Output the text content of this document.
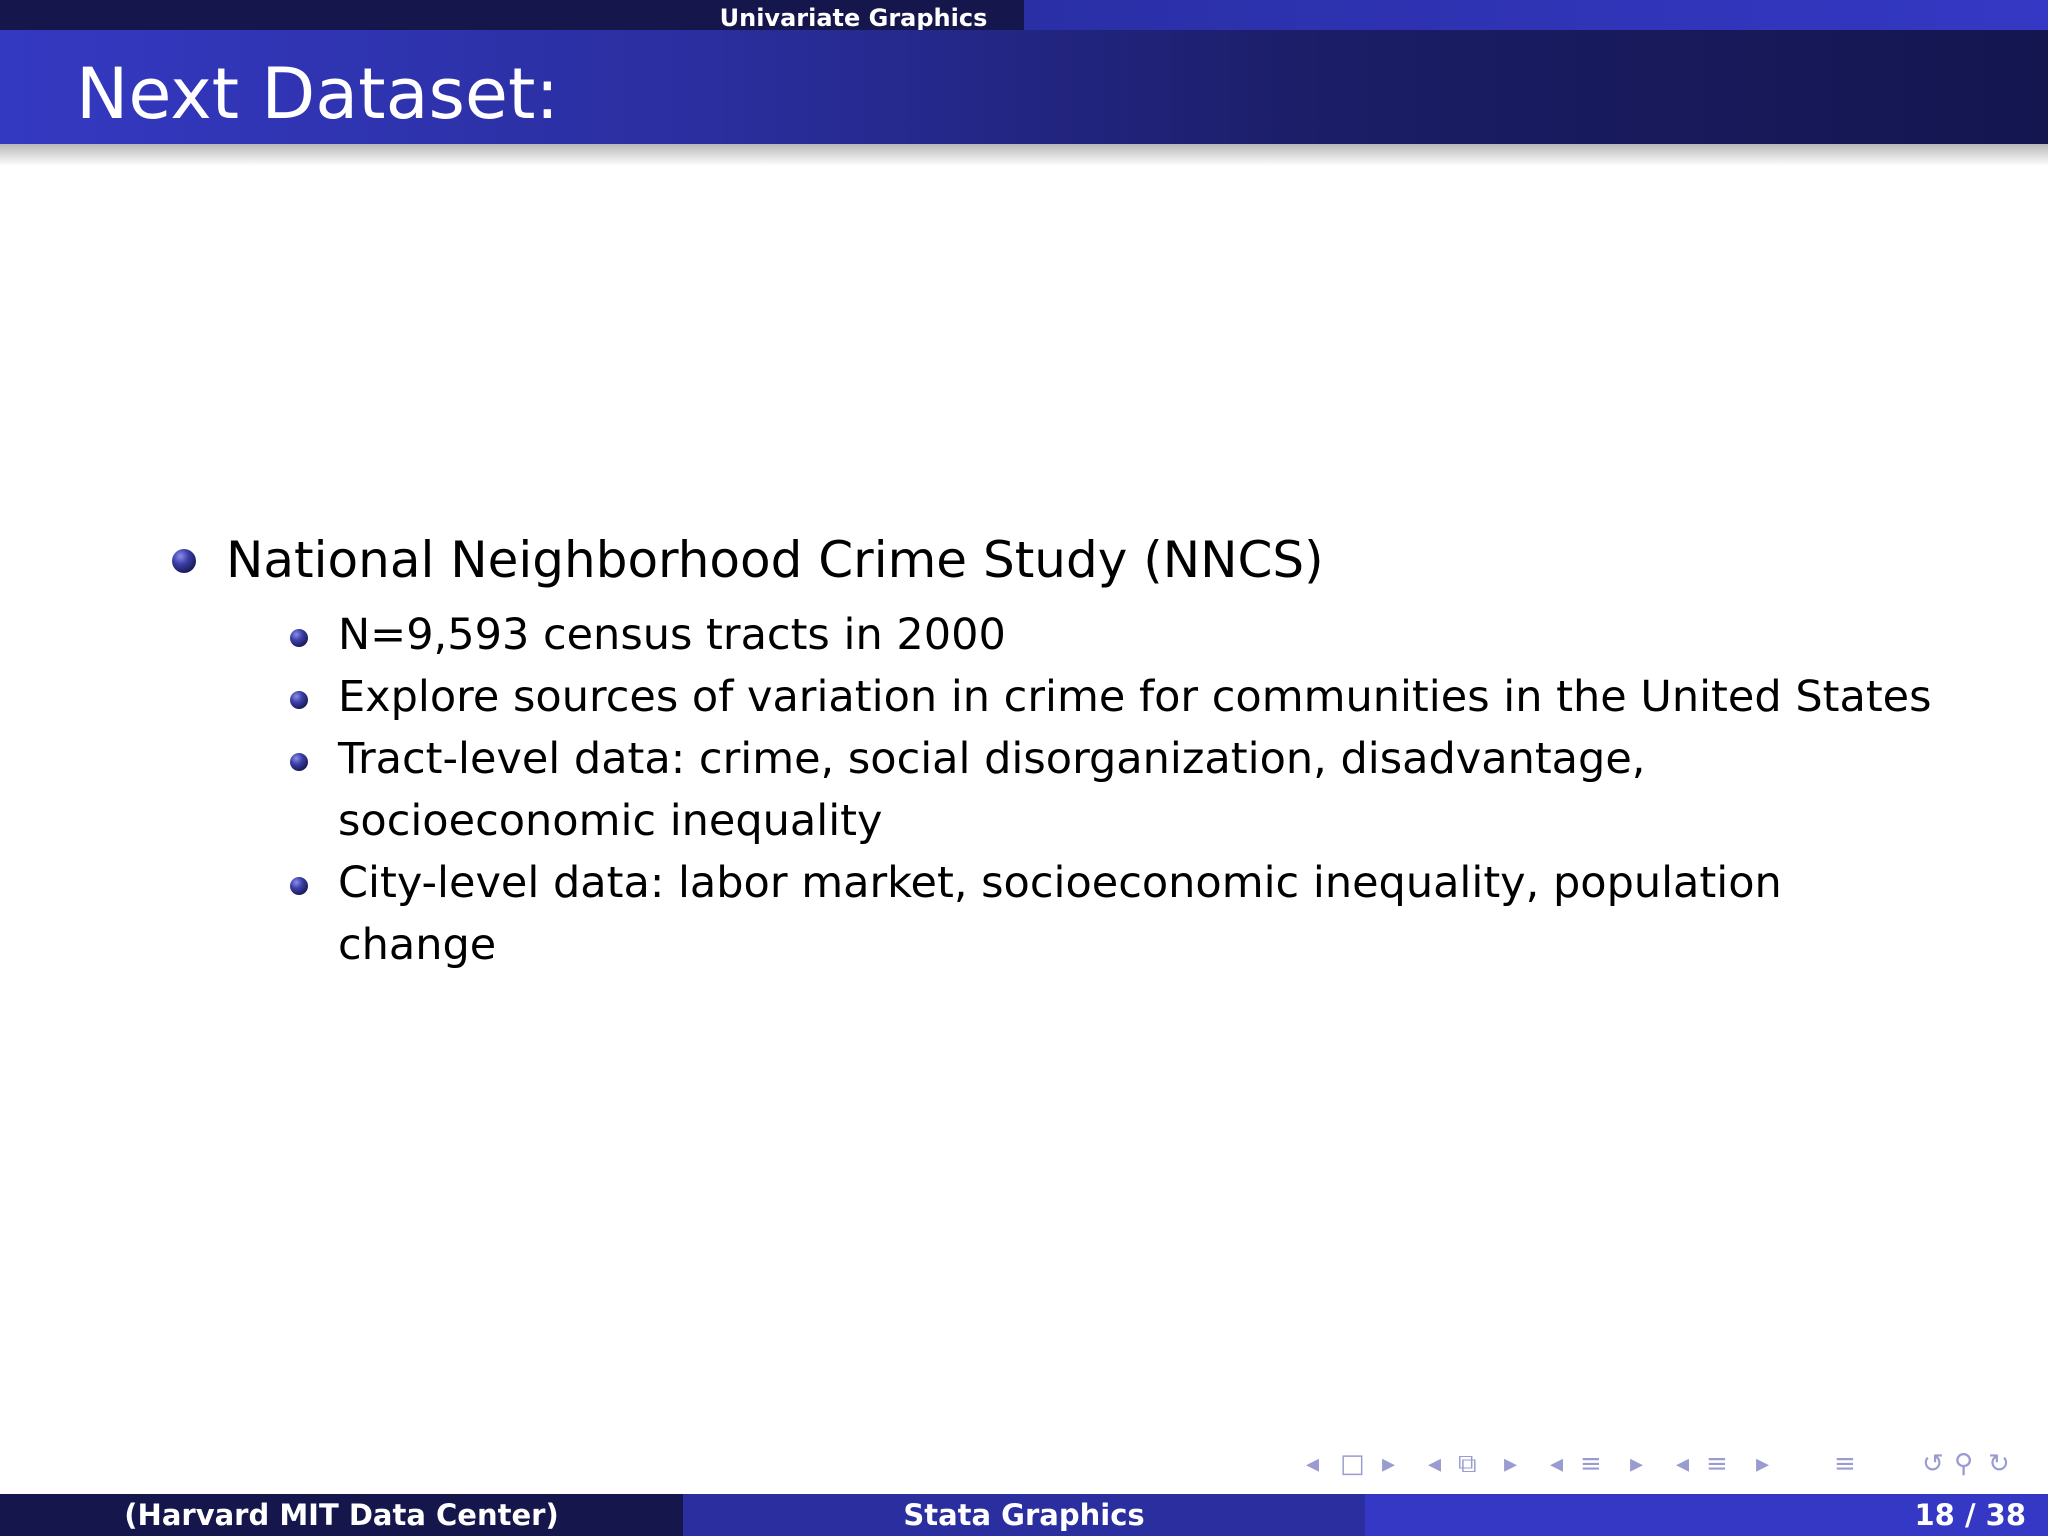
Univariate Graphics
Next Dataset:
National Neighborhood Crime Study (NNCS)
N=9,593 census tracts in 2000
Explore sources of variation in crime for communities in the United States
Tract-level data: crime, social disorganization, disadvantage,
socioeconomic inequality
City-level data: labor market, socioeconomic inequality, population
change
◂ □ ▸ ◂ ⧉ ▸ ◂ ≡ ▸ ◂ ≡ ▸ ≡	↺ ⚲ ↻
(Harvard MIT Data Center)	Stata Graphics	18 / 38
